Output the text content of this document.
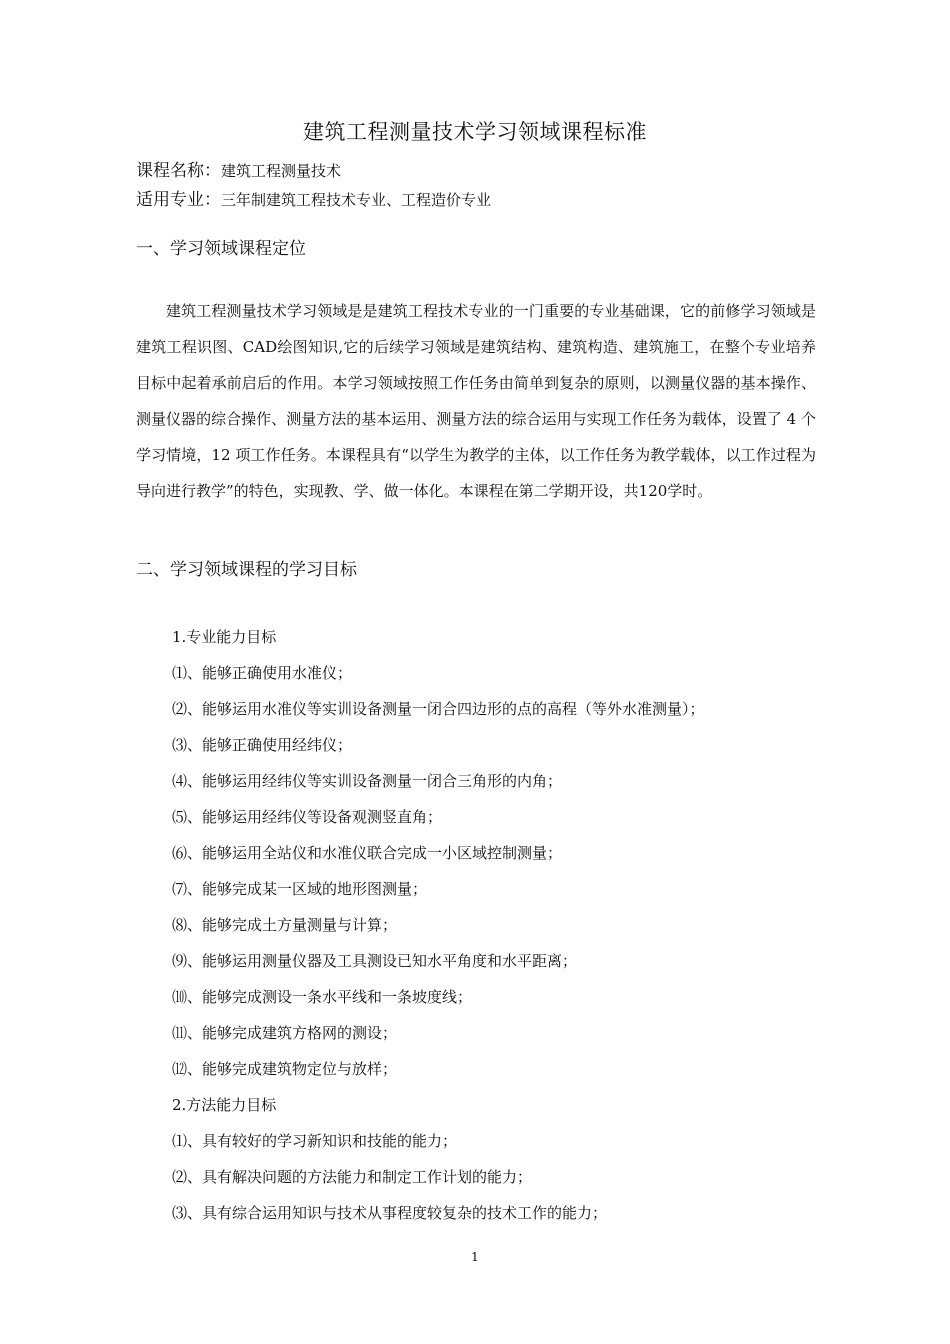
建筑工程测量技术学习领域课程标准
课程名称：建筑工程测量技术
适用专业：三年制建筑工程技术专业、工程造价专业
一、学习领域课程定位

建筑工程测量技术学习领域是是建筑工程技术专业的一门重要的专业基础课，它的前修学习领域是建筑工程识图、CAD绘图知识,它的后续学习领域是建筑结构、建筑构造、建筑施工，在整个专业培养目标中起着承前启后的作用。本学习领域按照工作任务由简单到复杂的原则，以测量仪器的基本操作、测量仪器的综合操作、测量方法的基本运用、测量方法的综合运用与实现工作任务为载体，设置了 4 个学习情境，12 项工作任务。本课程具有“以学生为教学的主体，以工作任务为教学载体，以工作过程为导向进行教学”的特色，实现教、学、做一体化。本课程在第二学期开设，共120学时。

二、学习领域课程的学习目标
1.专业能力目标
⑴、能够正确使用水准仪；
⑵、能够运用水准仪等实训设备测量一闭合四边形的点的高程（等外水准测量）；
⑶、能够正确使用经纬仪；
⑷、能够运用经纬仪等实训设备测量一闭合三角形的内角；
⑸、能够运用经纬仪等设备观测竖直角；
⑹、能够运用全站仪和水准仪联合完成一小区域控制测量；
⑺、能够完成某一区域的地形图测量；
⑻、能够完成土方量测量与计算；
⑼、能够运用测量仪器及工具测设已知水平角度和水平距离；
⑽、能够完成测设一条水平线和一条坡度线；
⑾、能够完成建筑方格网的测设；
⑿、能够完成建筑物定位与放样；
2.方法能力目标
⑴、具有较好的学习新知识和技能的能力；
⑵、具有解决问题的方法能力和制定工作计划的能力；
⑶、具有综合运用知识与技术从事程度较复杂的技术工作的能力；
1
